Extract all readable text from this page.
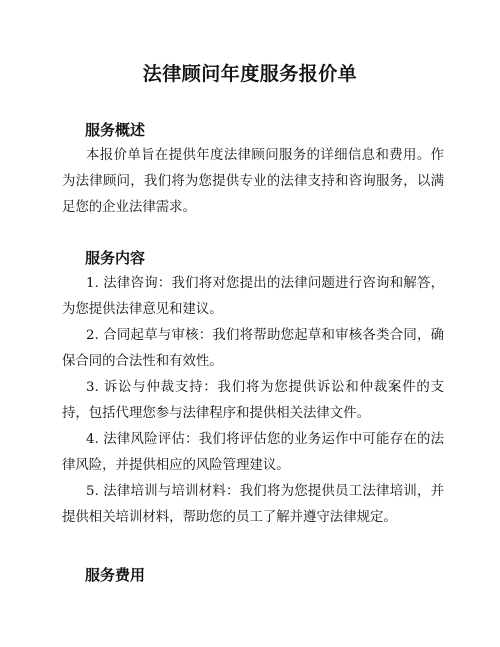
法律顾问年度服务报价单
服务概述

本报价单旨在提供年度法律顾问服务的详细信息和费用。作为法律顾问，我们将为您提供专业的法律支持和咨询服务，以满足您的企业法律需求。

服务内容

1. 法律咨询：我们将对您提出的法律问题进行咨询和解答，为您提供法律意见和建议。

2. 合同起草与审核：我们将帮助您起草和审核各类合同，确保合同的合法性和有效性。

3. 诉讼与仲裁支持：我们将为您提供诉讼和仲裁案件的支持，包括代理您参与法律程序和提供相关法律文件。

4. 法律风险评估：我们将评估您的业务运作中可能存在的法律风险，并提供相应的风险管理建议。

5. 法律培训与培训材料：我们将为您提供员工法律培训，并提供相关培训材料，帮助您的员工了解并遵守法律规定。

服务费用
